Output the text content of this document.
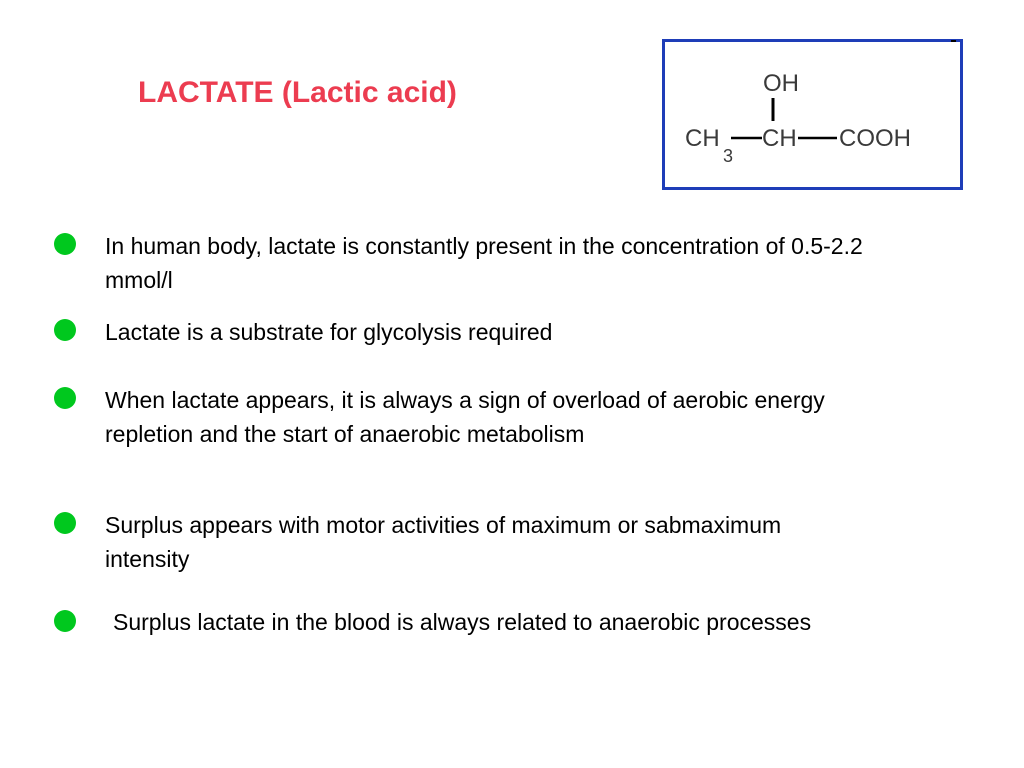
LACTATE (Lactic acid)	OH
CH
3
CH COOH
In human body, lactate is constantly present in the concentration of 0.5-2.2 mmol/l
Lactate is a substrate for glycolysis required
When lactate appears, it is always a sign of overload of aerobic energy repletion and the start of anaerobic metabolism
Surplus appears with motor activities of maximum or sabmaximum intensity
Surplus lactate in the blood is always related to anaerobic processes
